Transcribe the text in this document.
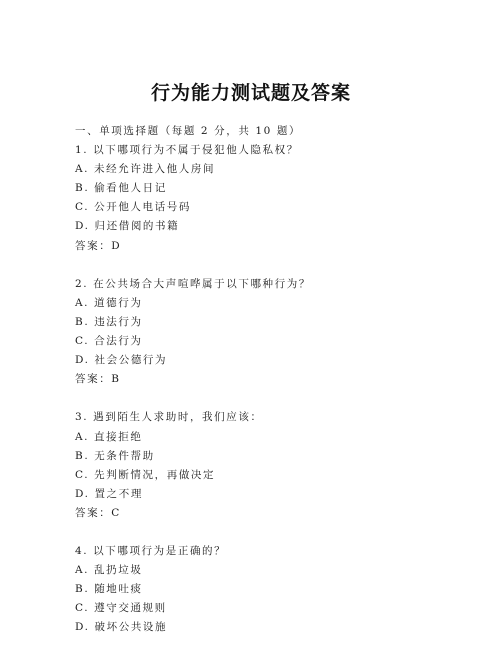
行为能力测试题及答案
一、单项选择题（每题 2 分，共 10 题）
1. 以下哪项行为不属于侵犯他人隐私权？
A. 未经允许进入他人房间
B. 偷看他人日记
C. 公开他人电话号码
D. 归还借阅的书籍
答案：D
2. 在公共场合大声喧哗属于以下哪种行为？
A. 道德行为
B. 违法行为
C. 合法行为
D. 社会公德行为
答案：B
3. 遇到陌生人求助时，我们应该：
A. 直接拒绝
B. 无条件帮助
C. 先判断情况，再做决定
D. 置之不理
答案：C
4. 以下哪项行为是正确的？
A. 乱扔垃圾
B. 随地吐痰
C. 遵守交通规则
D. 破坏公共设施
